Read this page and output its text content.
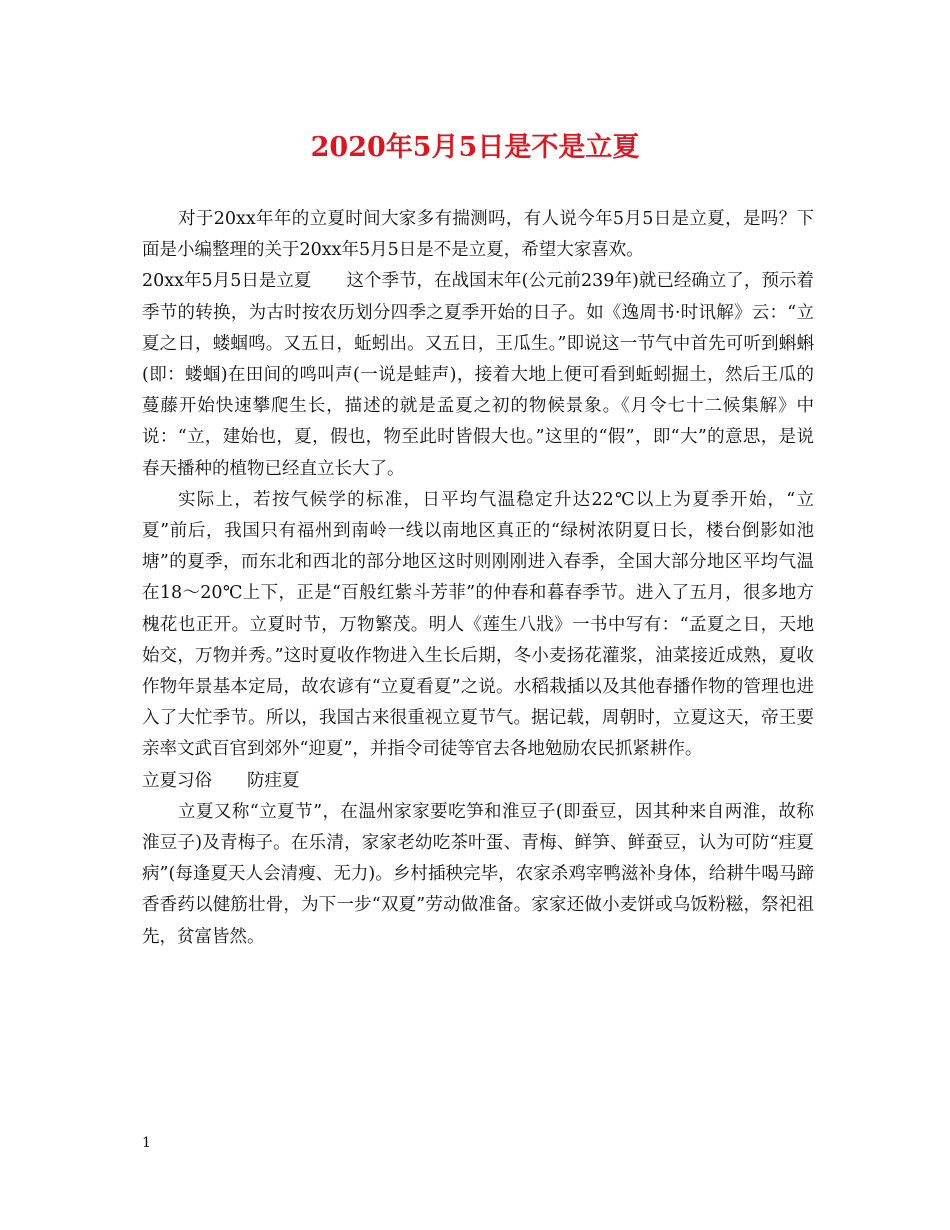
2020年5月5日是不是立夏

对于20xx年年的立夏时间大家多有揣测吗，有人说今年5月5日是立夏，是吗？下面是小编整理的关于20xx年5月5日是不是立夏，希望大家喜欢。

20xx年5月5日是立夏　　这个季节，在战国末年(公元前239年)就已经确立了，预示着季节的转换，为古时按农历划分四季之夏季开始的日子。如《逸周书·时讯解》云：“立夏之日，蝼蝈鸣。又五日，蚯蚓出。又五日，王瓜生。”即说这一节气中首先可听到蝌蝌(即：蝼蝈)在田间的鸣叫声(一说是蛙声)，接着大地上便可看到蚯蚓掘土，然后王瓜的蔓藤开始快速攀爬生长，描述的就是孟夏之初的物候景象。《月令七十二候集解》中说：“立，建始也，夏，假也，物至此时皆假大也。”这里的“假”，即“大”的意思，是说春天播种的植物已经直立长大了。

实际上，若按气候学的标准，日平均气温稳定升达22℃以上为夏季开始，“立夏”前后，我国只有福州到南岭一线以南地区真正的“绿树浓阴夏日长，楼台倒影如池塘”的夏季，而东北和西北的部分地区这时则刚刚进入春季，全国大部分地区平均气温在18～20℃上下，正是“百般红紫斗芳菲”的仲春和暮春季节。进入了五月，很多地方槐花也正开。立夏时节，万物繁茂。明人《莲生八戕》一书中写有：“孟夏之日，天地始交，万物并秀。”这时夏收作物进入生长后期，冬小麦扬花灌浆，油菜接近成熟，夏收作物年景基本定局，故农谚有“立夏看夏”之说。水稻栽插以及其他春播作物的管理也进入了大忙季节。所以，我国古来很重视立夏节气。据记载，周朝时，立夏这天，帝王要亲率文武百官到郊外“迎夏”，并指令司徒等官去各地勉励农民抓紧耕作。

立夏习俗　　防疰夏

立夏又称“立夏节”，在温州家家要吃笋和淮豆子(即蚕豆，因其种来自两淮，故称淮豆子)及青梅子。在乐清，家家老幼吃茶叶蛋、青梅、鲜笋、鲜蚕豆，认为可防“疰夏病”(每逢夏天人会清瘦、无力)。乡村插秧完毕，农家杀鸡宰鸭滋补身体，给耕牛喝马蹄香香药以健筋壮骨，为下一步“双夏”劳动做准备。家家还做小麦饼或乌饭粉糍，祭祀祖先，贫富皆然。

1
